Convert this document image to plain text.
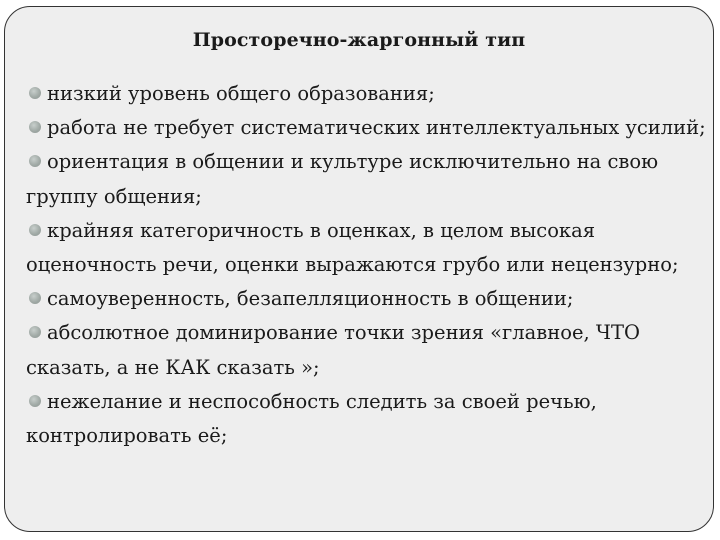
Просторечно-жаргонный тип
низкий уровень общего образования;
работа не требует систематических интеллектуальных усилий;
ориентация в общении и культуре исключительно на свою группу общения;
крайняя категоричность в оценках, в целом высокая оценочность речи, оценки выражаются грубо или нецензурно;
самоуверенность, безапелляционность в общении;
абсолютное доминирование точки зрения «главное, ЧТО сказать, а не КАК сказать »;
нежелание и неспособность следить за своей речью, контролировать её;
